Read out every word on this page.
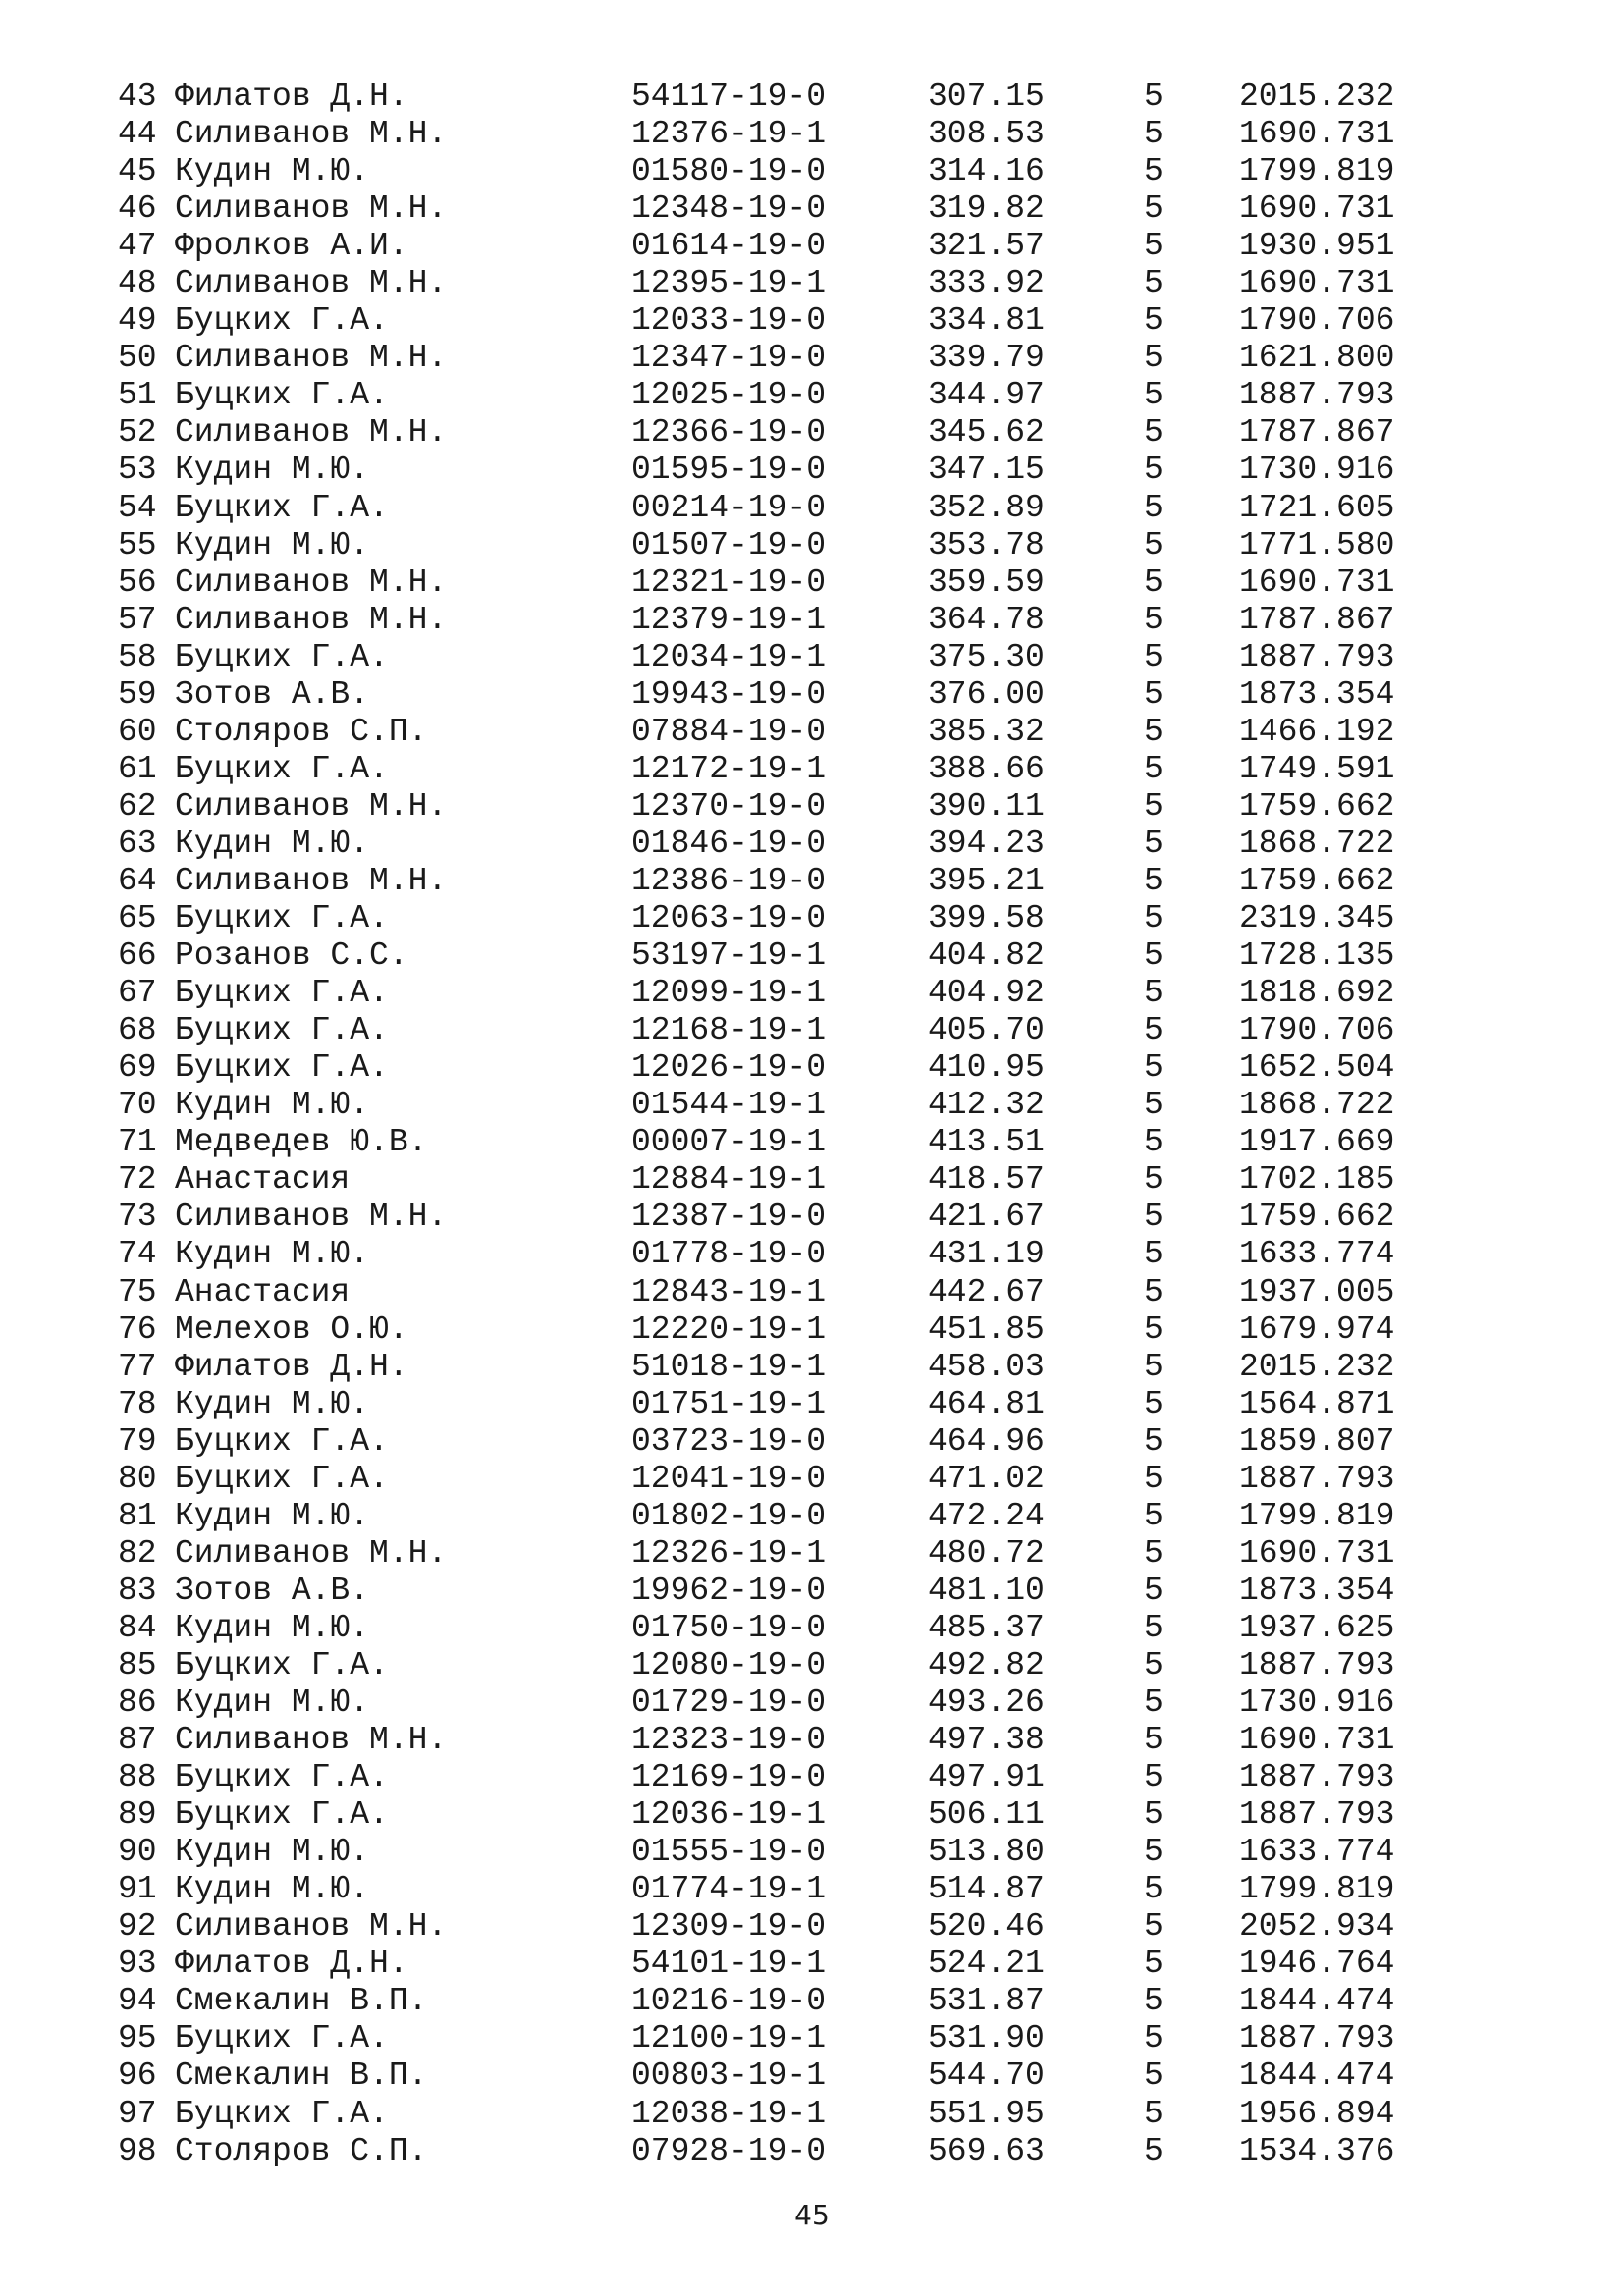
43 Филатов Д.Н.	54117-19-0	307.15	5 2015.232
44 Силиванов М.Н.	12376-19-1	308.53	5 1690.731
45 Кудин М.Ю.	01580-19-0	314.16	5 1799.819
46 Силиванов М.Н.	12348-19-0	319.82	5 1690.731
47 Фролков А.И.	01614-19-0	321.57	5 1930.951
48 Силиванов М.Н.	12395-19-1	333.92	5 1690.731
49 Буцких Г.А.	12033-19-0	334.81	5 1790.706
50 Силиванов М.Н.	12347-19-0	339.79	5 1621.800
51 Буцких Г.А.	12025-19-0	344.97	5 1887.793
52 Силиванов М.Н.	12366-19-0	345.62	5 1787.867
53 Кудин М.Ю.	01595-19-0	347.15	5 1730.916
54 Буцких Г.А.	00214-19-0	352.89	5 1721.605
55 Кудин М.Ю.	01507-19-0	353.78	5 1771.580
56 Силиванов М.Н.	12321-19-0	359.59	5 1690.731
57 Силиванов М.Н.	12379-19-1	364.78	5 1787.867
58 Буцких Г.А.	12034-19-1	375.30	5 1887.793
59 Зотов А.В.	19943-19-0	376.00	5 1873.354
60 Столяров С.П.	07884-19-0	385.32	5 1466.192
61 Буцких Г.А.	12172-19-1	388.66	5 1749.591
62 Силиванов М.Н.	12370-19-0	390.11	5 1759.662
63 Кудин М.Ю.	01846-19-0	394.23	5 1868.722
64 Силиванов М.Н.	12386-19-0	395.21	5 1759.662
65 Буцких Г.А.	12063-19-0	399.58	5 2319.345
66 Розанов С.С.	53197-19-1	404.82	5 1728.135
67 Буцких Г.А.	12099-19-1	404.92	5 1818.692
68 Буцких Г.А.	12168-19-1	405.70	5 1790.706
69 Буцких Г.А.	12026-19-0	410.95	5 1652.504
70 Кудин М.Ю.	01544-19-1	412.32	5 1868.722
71 Медведев Ю.В.	00007-19-1	413.51	5 1917.669
72 Анастасия	12884-19-1	418.57	5 1702.185
73 Силиванов М.Н.	12387-19-0	421.67	5 1759.662
74 Кудин М.Ю.	01778-19-0	431.19	5 1633.774
75 Анастасия	12843-19-1	442.67	5 1937.005
76 Мелехов О.Ю.	12220-19-1	451.85	5 1679.974
77 Филатов Д.Н.	51018-19-1	458.03	5 2015.232
78 Кудин М.Ю.	01751-19-1	464.81	5 1564.871
79 Буцких Г.А.	03723-19-0	464.96	5 1859.807
80 Буцких Г.А.	12041-19-0	471.02	5 1887.793
81 Кудин М.Ю.	01802-19-0	472.24	5 1799.819
82 Силиванов М.Н.	12326-19-1	480.72	5 1690.731
83 Зотов А.В.	19962-19-0	481.10	5 1873.354
84 Кудин М.Ю.	01750-19-0	485.37	5 1937.625
85 Буцких Г.А.	12080-19-0	492.82	5 1887.793
86 Кудин М.Ю.	01729-19-0	493.26	5 1730.916
87 Силиванов М.Н.	12323-19-0	497.38	5 1690.731
88 Буцких Г.А.	12169-19-0	497.91	5 1887.793
89 Буцких Г.А.	12036-19-1	506.11	5 1887.793
90 Кудин М.Ю.	01555-19-0	513.80	5 1633.774
91 Кудин М.Ю.	01774-19-1	514.87	5 1799.819
92 Силиванов М.Н.	12309-19-0	520.46	5 2052.934
93 Филатов Д.Н.	54101-19-1	524.21	5 1946.764
94 Смекалин В.П.	10216-19-0	531.87	5 1844.474
95 Буцких Г.А.	12100-19-1	531.90	5 1887.793
96 Смекалин В.П.	00803-19-1	544.70	5 1844.474
97 Буцких Г.А.	12038-19-1	551.95	5 1956.894
98 Столяров С.П.	07928-19-0	569.63	5 1534.376
45
